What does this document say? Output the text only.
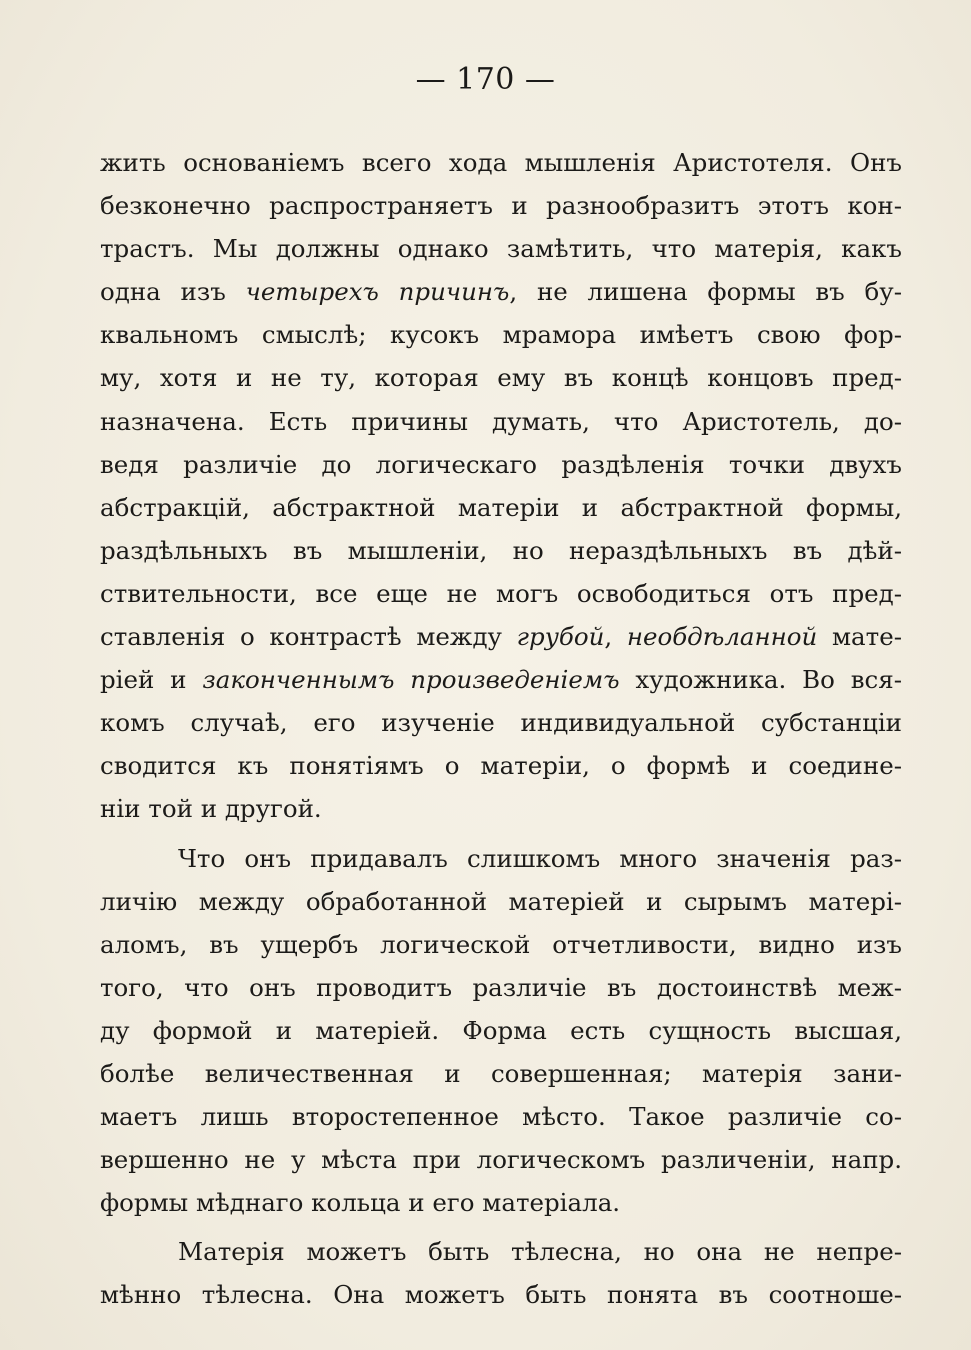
— 170 —
жить основаніемъ всего хода мышленія Аристотеля. Онъ
безконечно распространяетъ и разнообразитъ этотъ кон-
трастъ. Мы должны однако замѣтить, что матерія, какъ
одна изъ четырехъ причинъ, не лишена формы въ бу-
квальномъ смыслѣ; кусокъ мрамора имѣетъ свою фор-
му, хотя и не ту, которая ему въ концѣ концовъ пред-
назначена. Есть причины думать, что Аристотель, до-
ведя различіе до логическаго раздѣленія точки двухъ
абстракцій, абстрактной матеріи и абстрактной формы,
раздѣльныхъ въ мышленіи, но нераздѣльныхъ въ дѣй-
ствительности, все еще не могъ освободиться отъ пред-
ставленія о контрастѣ между грубой, необдѣланной мате-
ріей и законченнымъ произведеніемъ художника. Во вся-
комъ случаѣ, его изученіе индивидуальной субстанціи
сводится къ понятіямъ о матеріи, о формѣ и соедине-
ніи той и другой.
Что онъ придавалъ слишкомъ много значенія раз-
личію между обработанной матеріей и сырымъ матері-
аломъ, въ ущербъ логической отчетливости, видно изъ
того, что онъ проводитъ различіе въ достоинствѣ меж-
ду формой и матеріей. Форма есть сущность высшая,
болѣе величественная и совершенная; матерія зани-
маетъ лишь второстепенное мѣсто. Такое различіе со-
вершенно не у мѣста при логическомъ различеніи, напр.
формы мѣднаго кольца и его матеріала.
Матерія можетъ быть тѣлесна, но она не непре-
мѣнно тѣлесна. Она можетъ быть понята въ соотноше-
